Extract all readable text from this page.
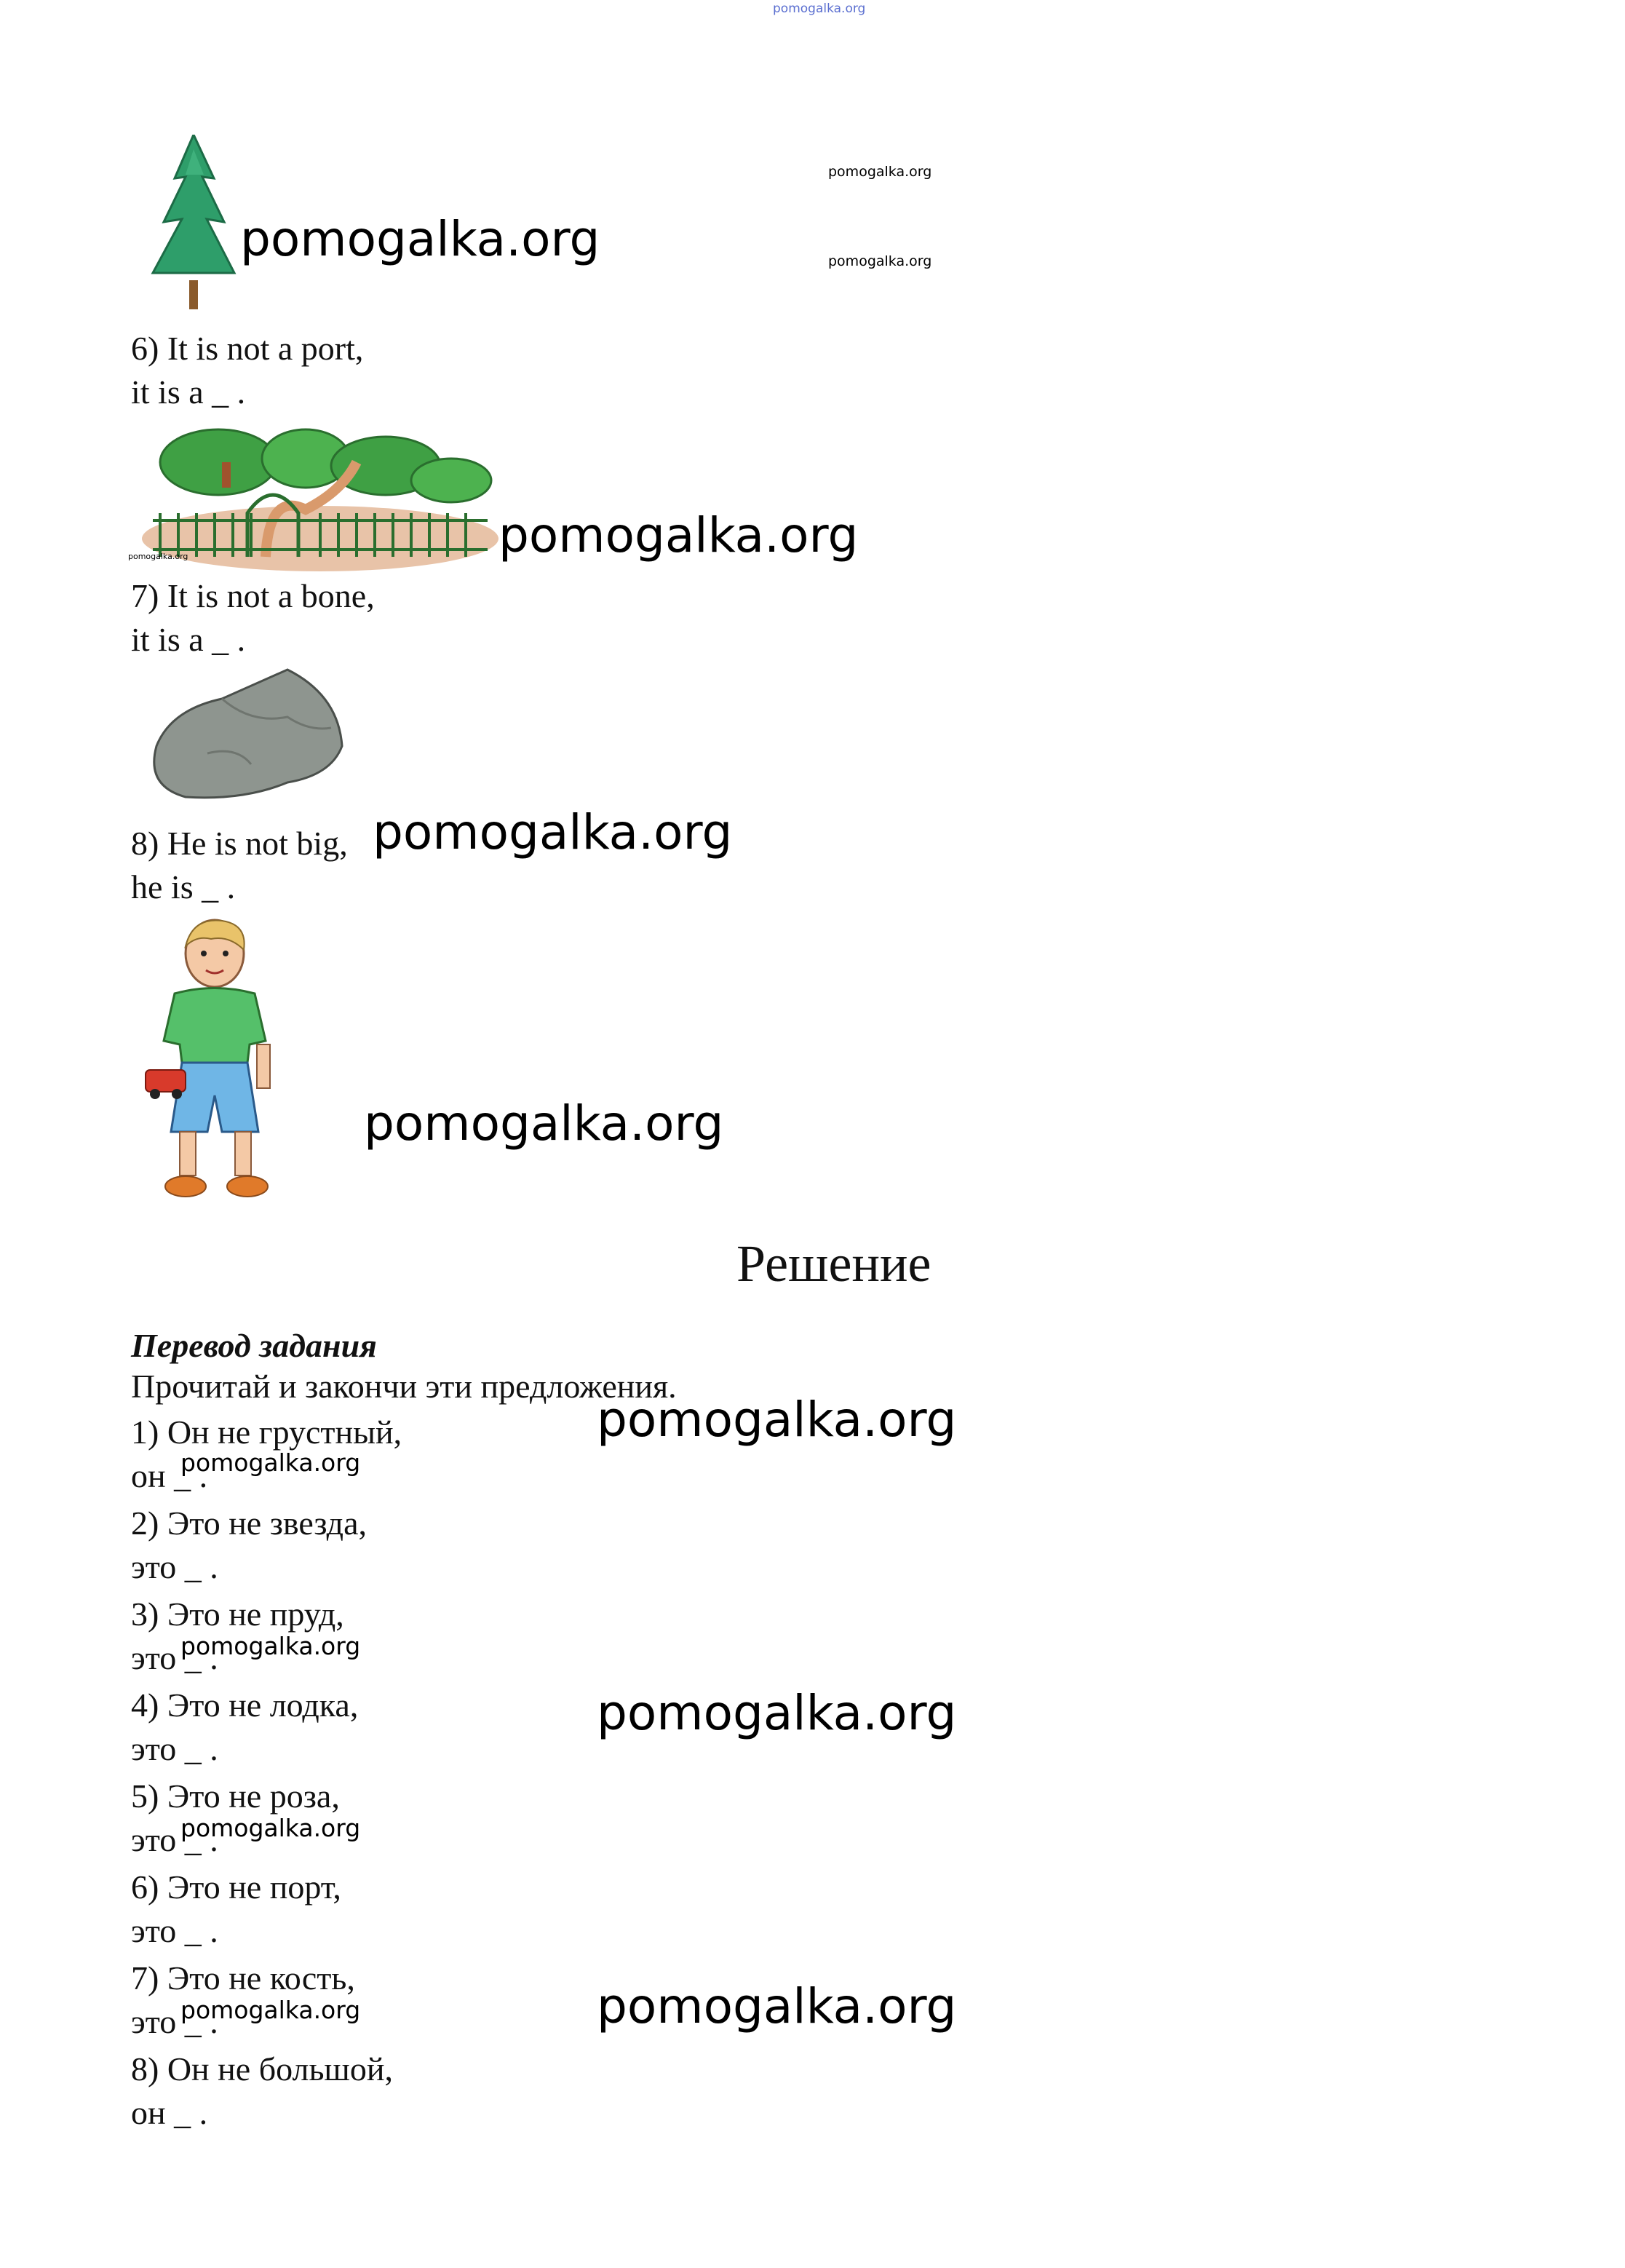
pomogalka.org
pomogalka.org
pomogalka.org
pomogalka.org
6) It is not a port,
it is a _ .
pomogalka.org
pomogalka.org
7) It is not a bone,
it is a _ .
8) He is not big, pomogalka.org
he is _ .
pomogalka.org
Решение
Перевод задания
Прочитай и закончи эти предложения.
pomogalka.org
pomogalka.org
pomogalka.org
1) Он не грустный,
он _ .
pomogalka.org
2) Это не звезда,
это _ .
3) Это не пруд,
это _ .
pomogalka.org
4) Это не лодка,
это _ .
5) Это не роза,
это _ .
pomogalka.org
6) Это не порт,
это _ .
7) Это не кость,
это _ .
pomogalka.org
8) Он не большой,
он _ .
